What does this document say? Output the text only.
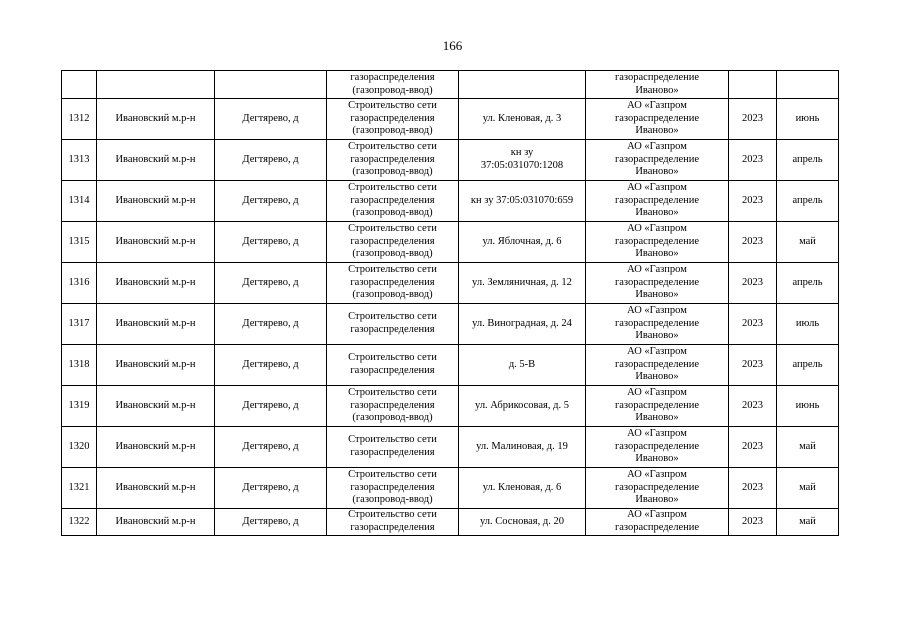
166

			газораспределения
(газопровод-ввод)		газораспределение
Иваново»		

1312	Ивановский м.р-н	Дегтярево, д	Строительство сети
газораспределения
(газопровод-ввод)	ул. Кленовая, д. 3	АО «Газпром
газораспределение
Иваново»	2023	июнь
1313	Ивановский м.р-н	Дегтярево, д	Строительство сети
газораспределения
(газопровод-ввод)	кн зу
37:05:031070:1208	АО «Газпром
газораспределение
Иваново»	2023	апрель
1314	Ивановский м.р-н	Дегтярево, д	Строительство сети
газораспределения
(газопровод-ввод)	кн зу 37:05:031070:659	АО «Газпром
газораспределение
Иваново»	2023	апрель
1315	Ивановский м.р-н	Дегтярево, д	Строительство сети
газораспределения
(газопровод-ввод)	ул. Яблочная, д. 6	АО «Газпром
газораспределение
Иваново»	2023	май
1316	Ивановский м.р-н	Дегтярево, д	Строительство сети
газораспределения
(газопровод-ввод)	ул. Земляничная, д. 12	АО «Газпром
газораспределение
Иваново»	2023	апрель
1317	Ивановский м.р-н	Дегтярево, д	Строительство сети
газораспределения	ул. Виноградная, д. 24	АО «Газпром
газораспределение
Иваново»	2023	июль
1318	Ивановский м.р-н	Дегтярево, д	Строительство сети
газораспределения	д. 5-В	АО «Газпром
газораспределение
Иваново»	2023	апрель
1319	Ивановский м.р-н	Дегтярево, д	Строительство сети
газораспределения
(газопровод-ввод)	ул. Абрикосовая, д. 5	АО «Газпром
газораспределение
Иваново»	2023	июнь
1320	Ивановский м.р-н	Дегтярево, д	Строительство сети
газораспределения	ул. Малиновая, д. 19	АО «Газпром
газораспределение
Иваново»	2023	май
1321	Ивановский м.р-н	Дегтярево, д	Строительство сети
газораспределения
(газопровод-ввод)	ул. Кленовая, д. 6	АО «Газпром
газораспределение
Иваново»	2023	май
1322	Ивановский м.р-н	Дегтярево, д	Строительство сети
газораспределения	ул. Сосновая, д. 20	АО «Газпром
газораспределение	2023	май
